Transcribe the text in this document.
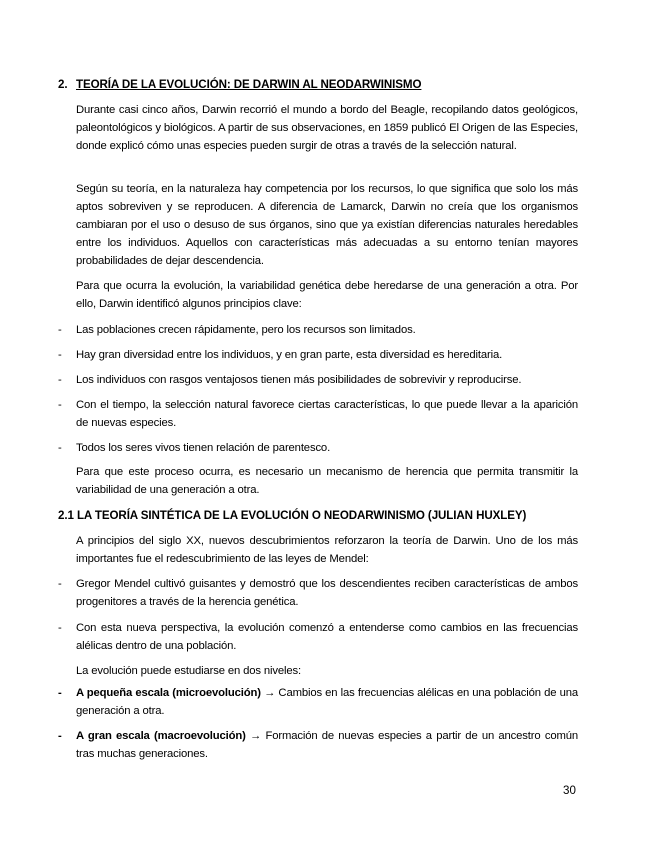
2. TEORÍA DE LA EVOLUCIÓN: DE DARWIN AL NEODARWINISMO
Durante casi cinco años, Darwin recorrió el mundo a bordo del Beagle, recopilando datos geológicos, paleontológicos y biológicos. A partir de sus observaciones, en 1859 publicó El Origen de las Especies, donde explicó cómo unas especies pueden surgir de otras a través de la selección natural.
Según su teoría, en la naturaleza hay competencia por los recursos, lo que significa que solo los más aptos sobreviven y se reproducen. A diferencia de Lamarck, Darwin no creía que los organismos cambiaran por el uso o desuso de sus órganos, sino que ya existían diferencias naturales heredables entre los individuos. Aquellos con características más adecuadas a su entorno tenían mayores probabilidades de dejar descendencia.
Para que ocurra la evolución, la variabilidad genética debe heredarse de una generación a otra. Por ello, Darwin identificó algunos principios clave:
-	Las poblaciones crecen rápidamente, pero los recursos son limitados.
-	Hay gran diversidad entre los individuos, y en gran parte, esta diversidad es hereditaria.
-	Los individuos con rasgos ventajosos tienen más posibilidades de sobrevivir y reproducirse.
-	Con el tiempo, la selección natural favorece ciertas características, lo que puede llevar a la aparición de nuevas especies.
-	Todos los seres vivos tienen relación de parentesco.
Para que este proceso ocurra, es necesario un mecanismo de herencia que permita transmitir la variabilidad de una generación a otra.
2.1 LA TEORÍA SINTÉTICA DE LA EVOLUCIÓN O NEODARWINISMO (JULIAN HUXLEY)
A principios del siglo XX, nuevos descubrimientos reforzaron la teoría de Darwin. Uno de los más importantes fue el redescubrimiento de las leyes de Mendel:
-	Gregor Mendel cultivó guisantes y demostró que los descendientes reciben características de ambos progenitores a través de la herencia genética.
-	Con esta nueva perspectiva, la evolución comenzó a entenderse como cambios en las frecuencias alélicas dentro de una población.
La evolución puede estudiarse en dos niveles:
-	A pequeña escala (microevolución) → Cambios en las frecuencias alélicas en una población de una generación a otra.
-	A gran escala (macroevolución) → Formación de nuevas especies a partir de un ancestro común tras muchas generaciones.
30
